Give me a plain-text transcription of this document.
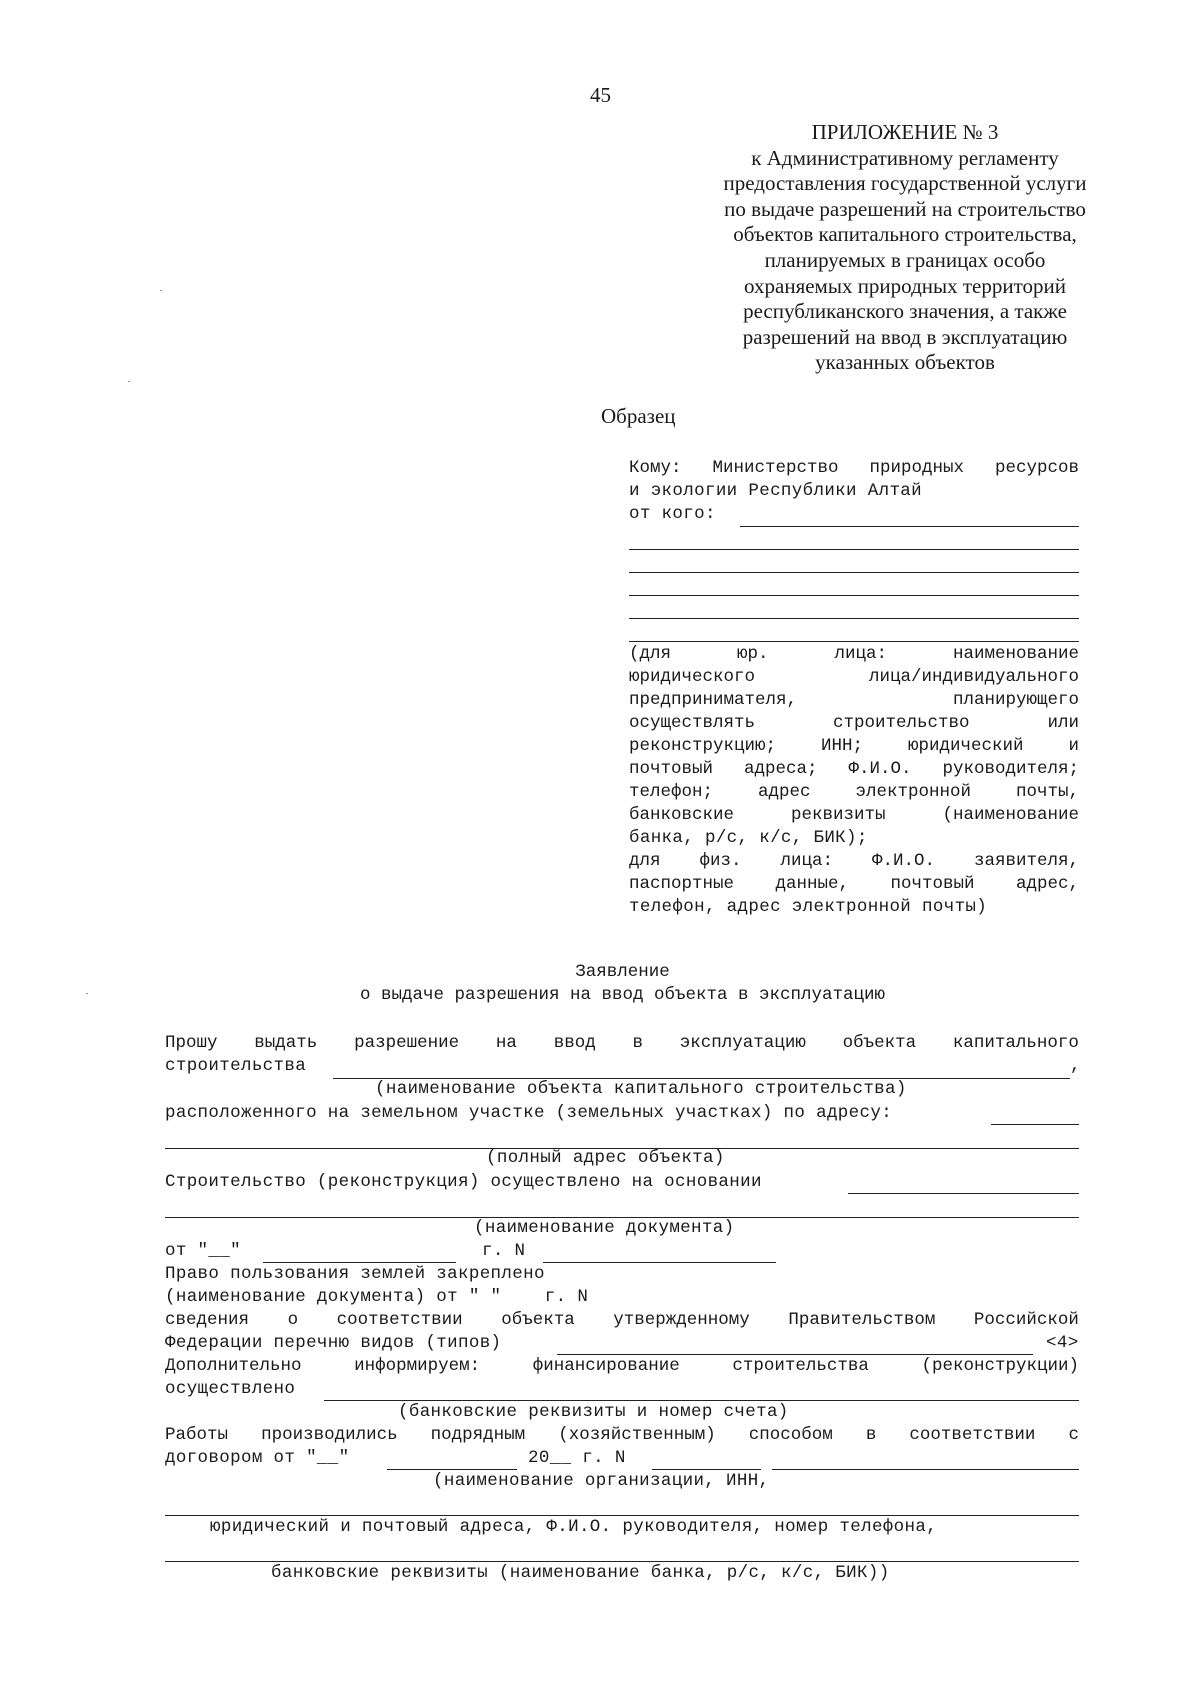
45
ПРИЛОЖЕНИЕ № 3
к Административному регламенту
предоставления государственной услуги
по выдаче разрешений на строительство
объектов капитального строительства,
планируемых в границах особо
охраняемых природных территорий
республиканского значения, а также
разрешений на ввод в эксплуатацию
указанных объектов
Образец
Кому: Министерство природных ресурсов
и экологии Республики Алтай
от кого:
(для	юр.	лица:	наименование
юридического	лица/индивидуального
предпринимателя,	планирующего
осуществлять	строительство	или
реконструкцию;	ИНН;	юридический	и
почтовый адреса; Ф.И.О. руководителя;
телефон;	адрес	электронной	почты,
банковские	реквизиты	(наименование
банка, р/с, к/с, БИК);
для физ. лица: Ф.И.О. заявителя,
паспортные данные, почтовый адрес,
телефон, адрес электронной почты)
Заявление
о выдаче разрешения на ввод объекта в эксплуатацию
Прошу выдать разрешение на ввод в эксплуатацию объекта капитального
строительства	,
(наименование объекта капитального строительства)
расположенного на земельном участке (земельных участках) по адресу:
(полный адрес объекта)
Строительство (реконструкция) осуществлено на основании
(наименование документа)
от "__"	г. N
Право пользования землей закреплено
(наименование документа) от " "    г. N
сведения о соответствии объекта утвержденному Правительством Российской
Федерации перечню видов (типов)	<4>
Дополнительно	информируем:	финансирование	строительства	(реконструкции)
осуществлено
(банковские реквизиты и номер счета)
Работы производились подрядным (хозяйственным) способом в соответствии с
договором от "__"	20__ г. N
(наименование организации, ИНН,
юридический и почтовый адреса, Ф.И.О. руководителя, номер телефона,
банковские реквизиты (наименование банка, р/с, к/с, БИК))
